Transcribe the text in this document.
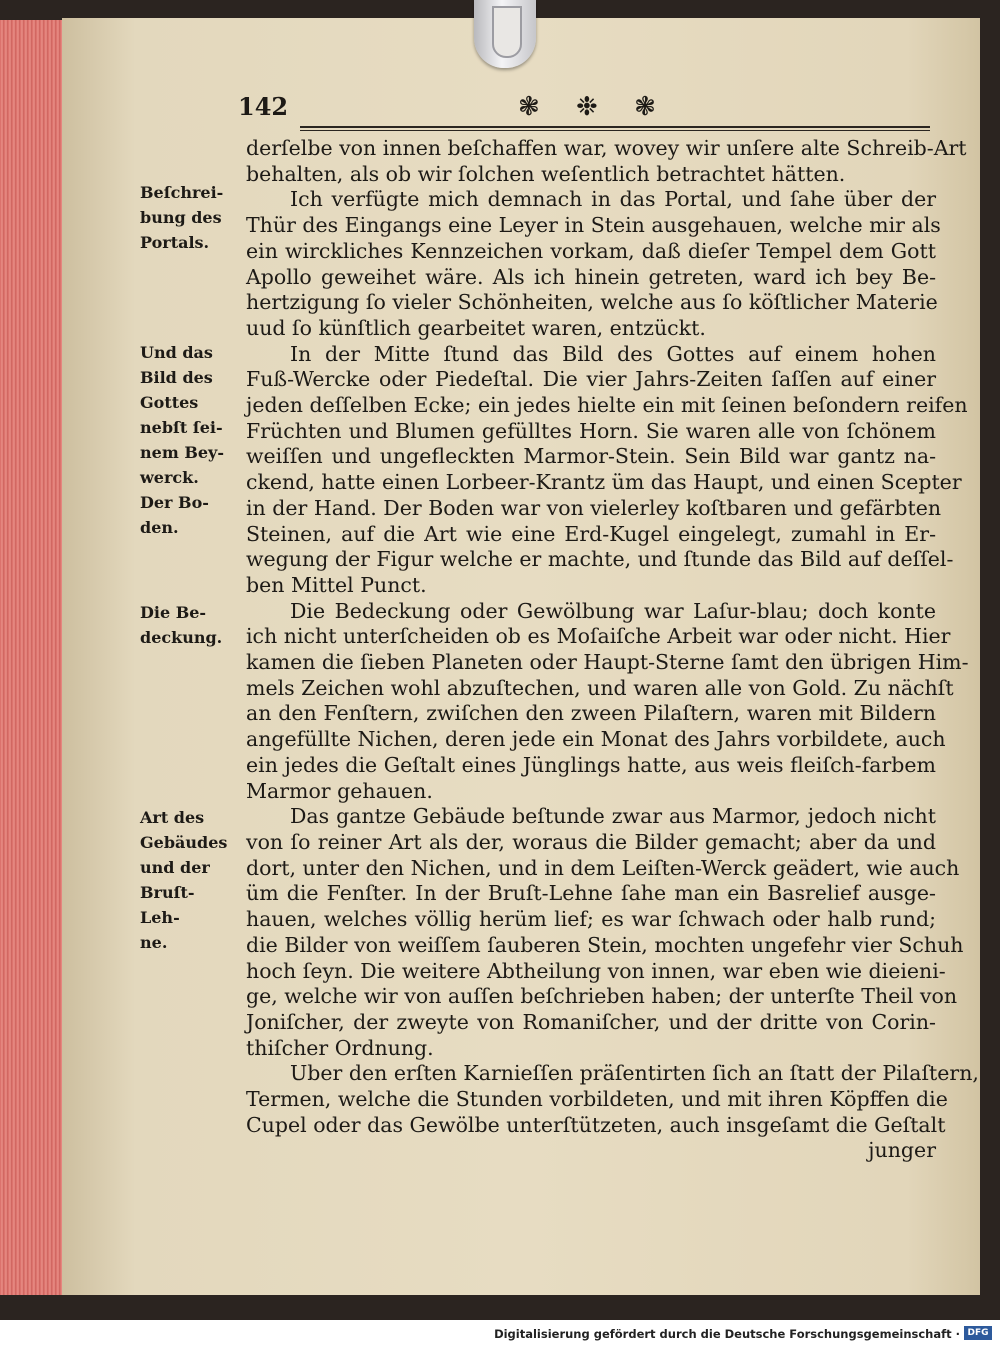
142	❃ ❉ ❃
Beſchrei-
bung des
Portals.
Und das
Bild des
Gottes
nebſt ſei-
nem Bey-
werck.
Der Bo-
den.
Die Be-
deckung.
Art des
Gebäudes
und der
Bruſt-Leh-
ne.
derſelbe von innen beſchaffen war, wovey wir unſere alte Schreib-Art
behalten, als ob wir ſolchen weſentlich betrachtet hätten.
Ich verfügte mich demnach in das Portal, und ſahe über der
Thür des Eingangs eine Leyer in Stein ausgehauen, welche mir als
ein wirckliches Kennzeichen vorkam, daß dieſer Tempel dem Gott
Apollo geweihet wäre. Als ich hinein getreten, ward ich bey Be-
hertzigung ſo vieler Schönheiten, welche aus ſo köſtlicher Materie
uud ſo künſtlich gearbeitet waren, entzückt.
In der Mitte ſtund das Bild des Gottes auf einem hohen
Fuß-Wercke oder Piedeſtal. Die vier Jahrs-Zeiten ſaſſen auf einer
jeden deſſelben Ecke; ein jedes hielte ein mit ſeinen beſondern reifen
Früchten und Blumen gefülltes Horn. Sie waren alle von ſchönem
weiſſen und ungefleckten Marmor-Stein. Sein Bild war gantz na-
ckend, hatte einen Lorbeer-Krantz üm das Haupt, und einen Scepter
in der Hand. Der Boden war von vielerley koſtbaren und gefärbten
Steinen, auf die Art wie eine Erd-Kugel eingelegt, zumahl in Er-
wegung der Figur welche er machte, und ſtunde das Bild auf deſſel-
ben Mittel Punct.
Die Bedeckung oder Gewölbung war Laſur-blau; doch konte
ich nicht unterſcheiden ob es Moſaiſche Arbeit war oder nicht. Hier
kamen die ſieben Planeten oder Haupt-Sterne ſamt den übrigen Him-
mels Zeichen wohl abzuſtechen, und waren alle von Gold. Zu nächſt
an den Fenſtern, zwiſchen den zween Pilaſtern, waren mit Bildern
angefüllte Nichen, deren jede ein Monat des Jahrs vorbildete, auch
ein jedes die Geſtalt eines Jünglings hatte, aus weis fleiſch-farbem
Marmor gehauen.
Das gantze Gebäude beſtunde zwar aus Marmor, jedoch nicht
von ſo reiner Art als der, woraus die Bilder gemacht; aber da und
dort, unter den Nichen, und in dem Leiſten-Werck geädert, wie auch
üm die Fenſter. In der Bruſt-Lehne ſahe man ein Basrelief ausge-
hauen, welches völlig herüm lief; es war ſchwach oder halb rund;
die Bilder von weiſſem ſauberen Stein, mochten ungefehr vier Schuh
hoch ſeyn. Die weitere Abtheilung von innen, war eben wie dieieni-
ge, welche wir von auſſen beſchrieben haben; der unterſte Theil von
Joniſcher, der zweyte von Romaniſcher, und der dritte von Corin-
thiſcher Ordnung.
Uber den erſten Karnieſſen präſentirten ſich an ſtatt der Pilaſtern,
Termen, welche die Stunden vorbildeten, und mit ihren Köpffen die
Cupel oder das Gewölbe unterſtützeten, auch insgeſamt die Geſtalt
junger
Digitalisierung gefördert durch die Deutsche Forschungsgemeinschaft · DFG
